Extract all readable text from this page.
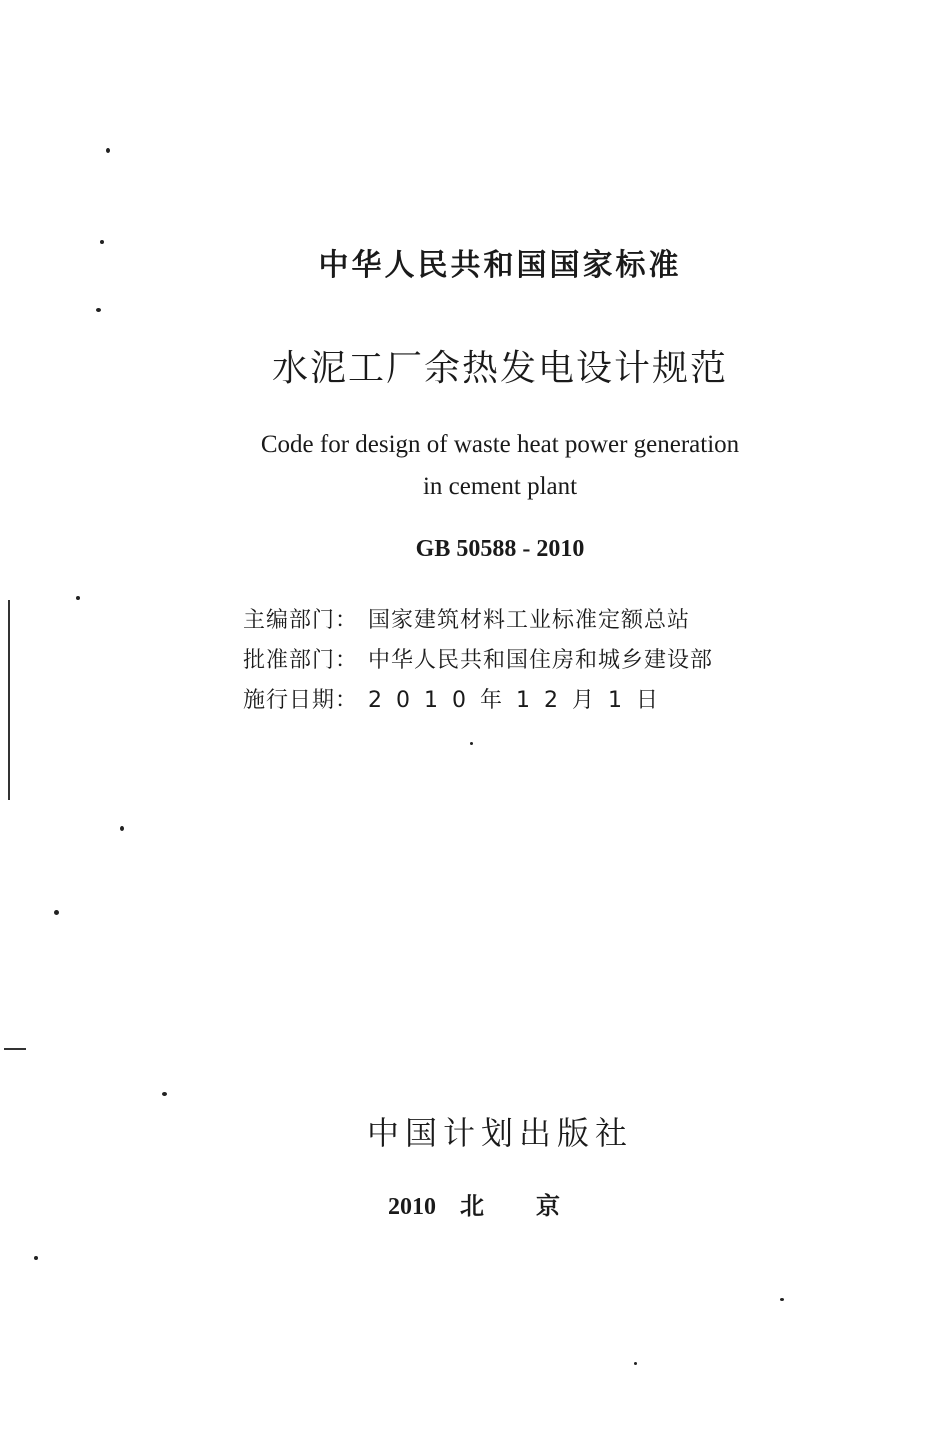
中华人民共和国国家标准
水泥工厂余热发电设计规范
Code for design of waste heat power generation
in cement plant
GB 50588 - 2010
主编部门： 国家建筑材料工业标准定额总站
批准部门： 中华人民共和国住房和城乡建设部
施行日期： 2010年12月1日
中国计划出版社
2010 北京
